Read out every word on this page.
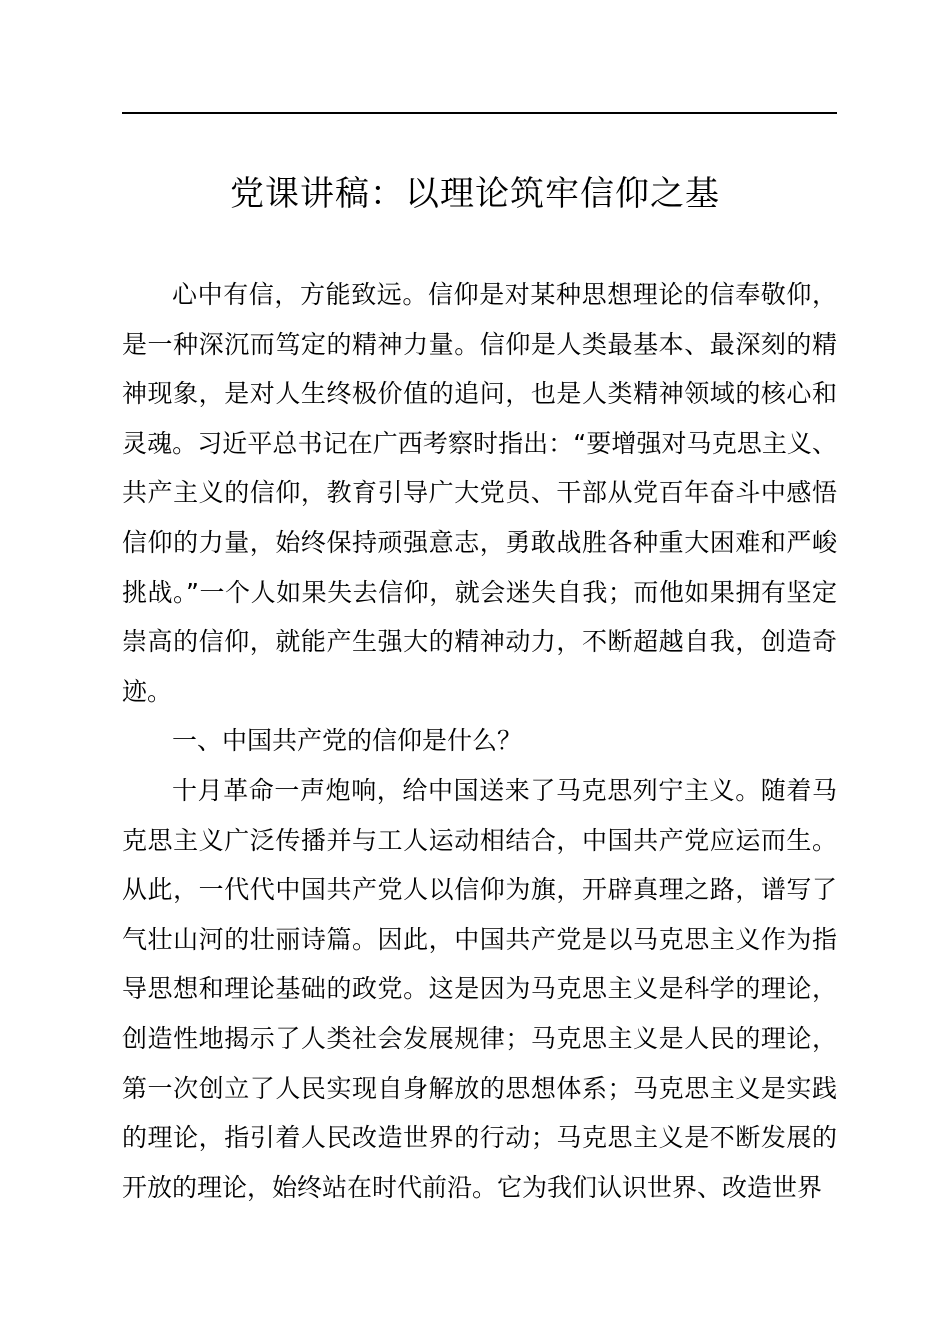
党课讲稿：以理论筑牢信仰之基

心中有信，方能致远。信仰是对某种思想理论的信奉敬仰，是一种深沉而笃定的精神力量。信仰是人类最基本、最深刻的精神现象，是对人生终极价值的追问，也是人类精神领域的核心和灵魂。习近平总书记在广西考察时指出：“要增强对马克思主义、共产主义的信仰，教育引导广大党员、干部从党百年奋斗中感悟信仰的力量，始终保持顽强意志，勇敢战胜各种重大困难和严峻挑战。”一个人如果失去信仰，就会迷失自我；而他如果拥有坚定崇高的信仰，就能产生强大的精神动力，不断超越自我，创造奇迹。

一、中国共产党的信仰是什么？

十月革命一声炮响，给中国送来了马克思列宁主义。随着马克思主义广泛传播并与工人运动相结合，中国共产党应运而生。从此，一代代中国共产党人以信仰为旗，开辟真理之路，谱写了气壮山河的壮丽诗篇。因此，中国共产党是以马克思主义作为指导思想和理论基础的政党。这是因为马克思主义是科学的理论，创造性地揭示了人类社会发展规律；马克思主义是人民的理论，第一次创立了人民实现自身解放的思想体系；马克思主义是实践的理论，指引着人民改造世界的行动；马克思主义是不断发展的开放的理论，始终站在时代前沿。它为我们认识世界、改造世界
